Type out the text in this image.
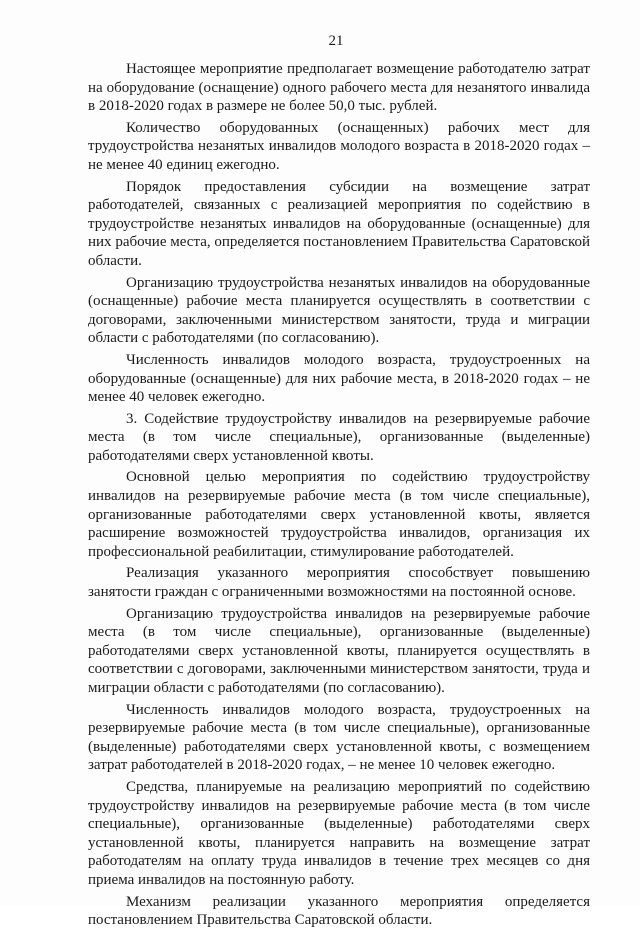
21

Настоящее мероприятие предполагает возмещение работодателю затрат на оборудование (оснащение) одного рабочего места для незанятого инвалида в 2018-2020 годах в размере не более 50,0 тыс. рублей.

Количество оборудованных (оснащенных) рабочих мест для трудоустройства незанятых инвалидов молодого возраста в 2018-2020 годах – не менее 40 единиц ежегодно.

Порядок предоставления субсидии на возмещение затрат работодателей, связанных с реализацией мероприятия по содействию в трудоустройстве незанятых инвалидов на оборудованные (оснащенные) для них рабочие места, определяется постановлением Правительства Саратовской области.

Организацию трудоустройства незанятых инвалидов на оборудованные (оснащенные) рабочие места планируется осуществлять в соответствии с договорами, заключенными министерством занятости, труда и миграции области с работодателями (по согласованию).

Численность инвалидов молодого возраста, трудоустроенных на оборудованные (оснащенные) для них рабочие места, в 2018-2020 годах – не менее 40 человек ежегодно.

3. Содействие трудоустройству инвалидов на резервируемые рабочие места (в том числе специальные), организованные (выделенные) работодателями сверх установленной квоты.

Основной целью мероприятия по содействию трудоустройству инвалидов на резервируемые рабочие места (в том числе специальные), организованные работодателями сверх установленной квоты, является расширение возможностей трудоустройства инвалидов, организация их профессиональной реабилитации, стимулирование работодателей.

Реализация указанного мероприятия способствует повышению занятости граждан с ограниченными возможностями на постоянной основе.

Организацию трудоустройства инвалидов на резервируемые рабочие места (в том числе специальные), организованные (выделенные) работодателями сверх установленной квоты, планируется осуществлять в соответствии с договорами, заключенными министерством занятости, труда и миграции области с работодателями (по согласованию).

Численность инвалидов молодого возраста, трудоустроенных на резервируемые рабочие места (в том числе специальные), организованные (выделенные) работодателями сверх установленной квоты, с возмещением затрат работодателей в 2018-2020 годах, – не менее 10 человек ежегодно.

Средства, планируемые на реализацию мероприятий по содействию трудоустройству инвалидов на резервируемые рабочие места (в том числе специальные), организованные (выделенные) работодателями сверх установленной квоты, планируется направить на возмещение затрат работодателям на оплату труда инвалидов в течение трех месяцев со дня приема инвалидов на постоянную работу.

Механизм реализации указанного мероприятия определяется постановлением Правительства Саратовской области.
